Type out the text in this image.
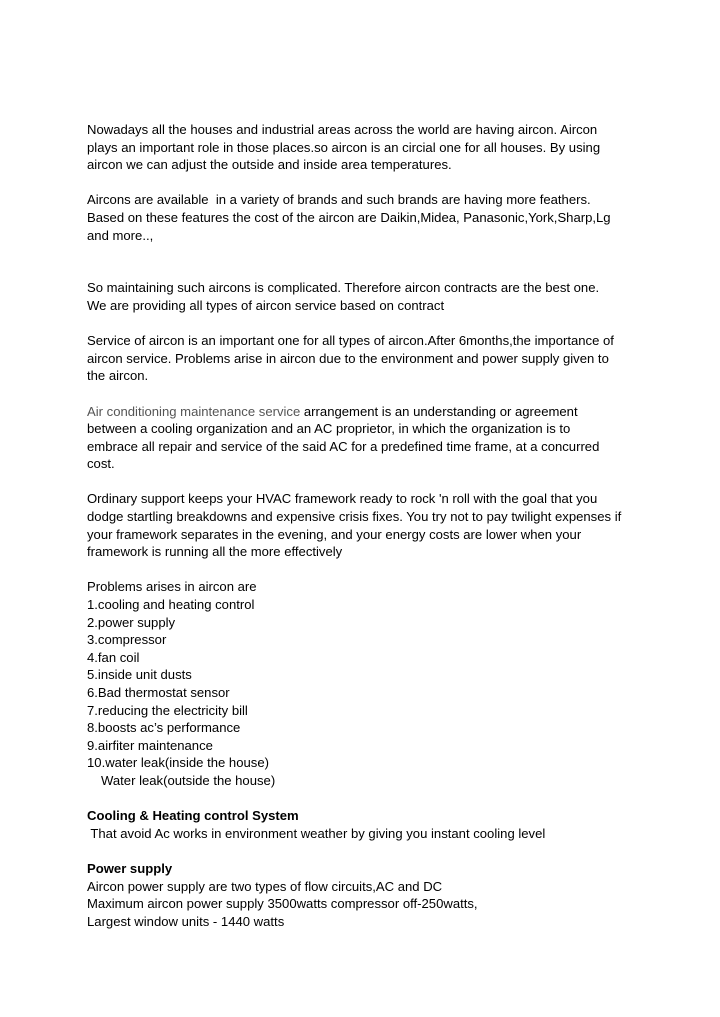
Nowadays all the houses and industrial areas across the world are having aircon. Aircon

plays an important role in those places.so aircon is an circial one for all houses. By using

aircon we can adjust the outside and inside area temperatures.

Aircons are available  in a variety of brands and such brands are having more feathers.

Based on these features the cost of the aircon are Daikin,Midea, Panasonic,York,Sharp,Lg

and more..,

So maintaining such aircons is complicated. Therefore aircon contracts are the best one.

We are providing all types of aircon service based on contract

Service of aircon is an important one for all types of aircon.After 6months,the importance of

aircon service. Problems arise in aircon due to the environment and power supply given to

the aircon.

Air conditioning maintenance service arrangement is an understanding or agreement

between a cooling organization and an AC proprietor, in which the organization is to

embrace all repair and service of the said AC for a predefined time frame, at a concurred

cost.

Ordinary support keeps your HVAC framework ready to rock 'n roll with the goal that you

dodge startling breakdowns and expensive crisis fixes. You try not to pay twilight expenses if

your framework separates in the evening, and your energy costs are lower when your

framework is running all the more effectively

Problems arises in aircon are

1.cooling and heating control

2.power supply

3.compressor

4.fan coil

5.inside unit dusts

6.Bad thermostat sensor

7.reducing the electricity bill

8.boosts ac’s performance

9.airfiter maintenance

10.water leak(inside the house)

Water leak(outside the house)

Cooling & Heating control System

That avoid Ac works in environment weather by giving you instant cooling level

Power supply

Aircon power supply are two types of flow circuits,AC and DC

Maximum aircon power supply 3500watts compressor off-250watts,

Largest window units - 1440 watts
